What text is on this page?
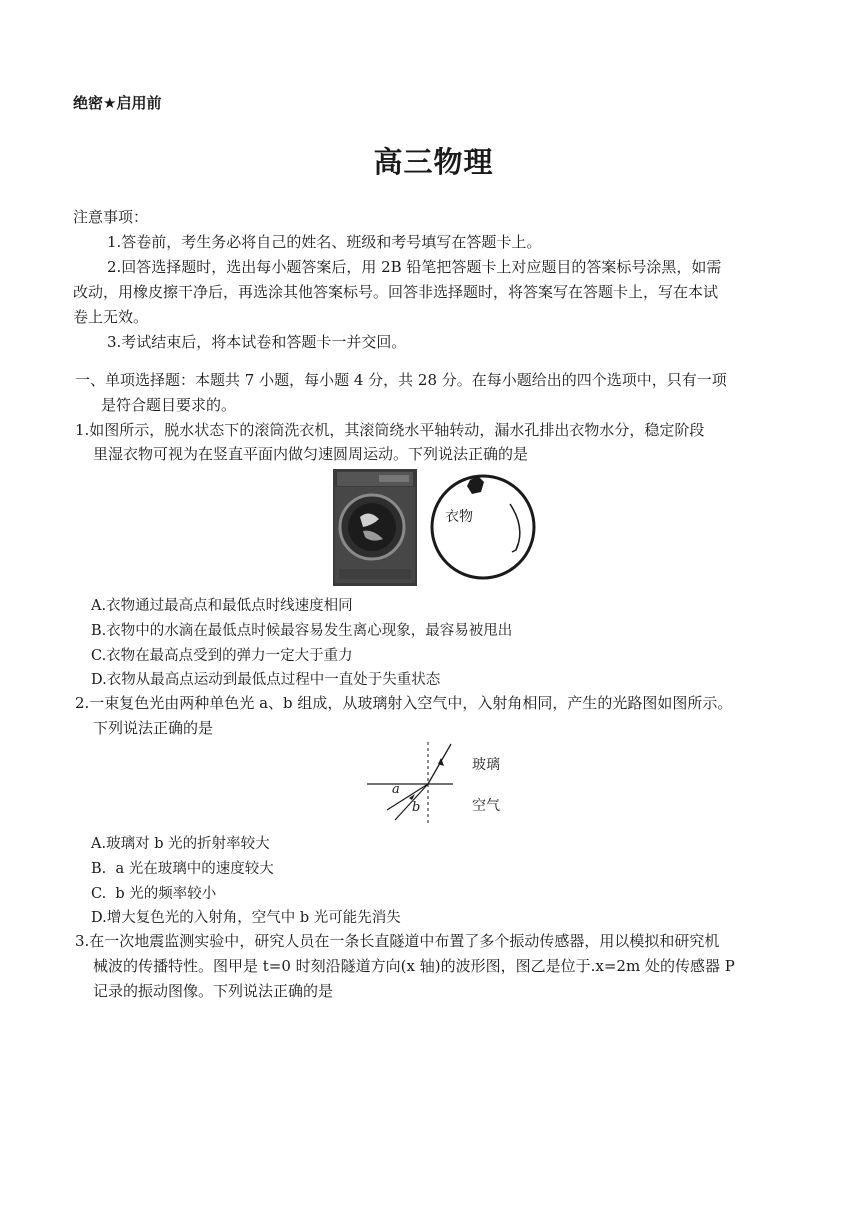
绝密★启用前
高三物理
注意事项：
1.答卷前，考生务必将自己的姓名、班级和考号填写在答题卡上。
2.回答选择题时，选出每小题答案后，用 2B 铅笔把答题卡上对应题目的答案标号涂黑，如需
改动，用橡皮擦干净后，再选涂其他答案标号。回答非选择题时，将答案写在答题卡上，写在本试
卷上无效。
3.考试结束后，将本试卷和答题卡一并交回。
一、单项选择题：本题共 7 小题，每小题 4 分，共 28 分。在每小题给出的四个选项中，只有一项
是符合题目要求的。
1.如图所示，脱水状态下的滚筒洗衣机，其滚筒绕水平轴转动，漏水孔排出衣物水分，稳定阶段
里湿衣物可视为在竖直平面内做匀速圆周运动。下列说法正确的是
衣物
A.衣物通过最高点和最低点时线速度相同
B.衣物中的水滴在最低点时候最容易发生离心现象，最容易被甩出
C.衣物在最高点受到的弹力一定大于重力
D.衣物从最高点运动到最低点过程中一直处于失重状态
2.一束复色光由两种单色光 a、b 组成，从玻璃射入空气中，入射角相同，产生的光路图如图所示。
下列说法正确的是
a
b
玻璃
空气
A.玻璃对 b 光的折射率较大
B.  a 光在玻璃中的速度较大
C.  b 光的频率较小
D.增大复色光的入射角，空气中 b 光可能先消失
3.在一次地震监测实验中，研究人员在一条长直隧道中布置了多个振动传感器，用以模拟和研究机
械波的传播特性。图甲是 t=0 时刻沿隧道方向(x 轴)的波形图，图乙是位于.x=2m 处的传感器 P
记录的振动图像。下列说法正确的是
